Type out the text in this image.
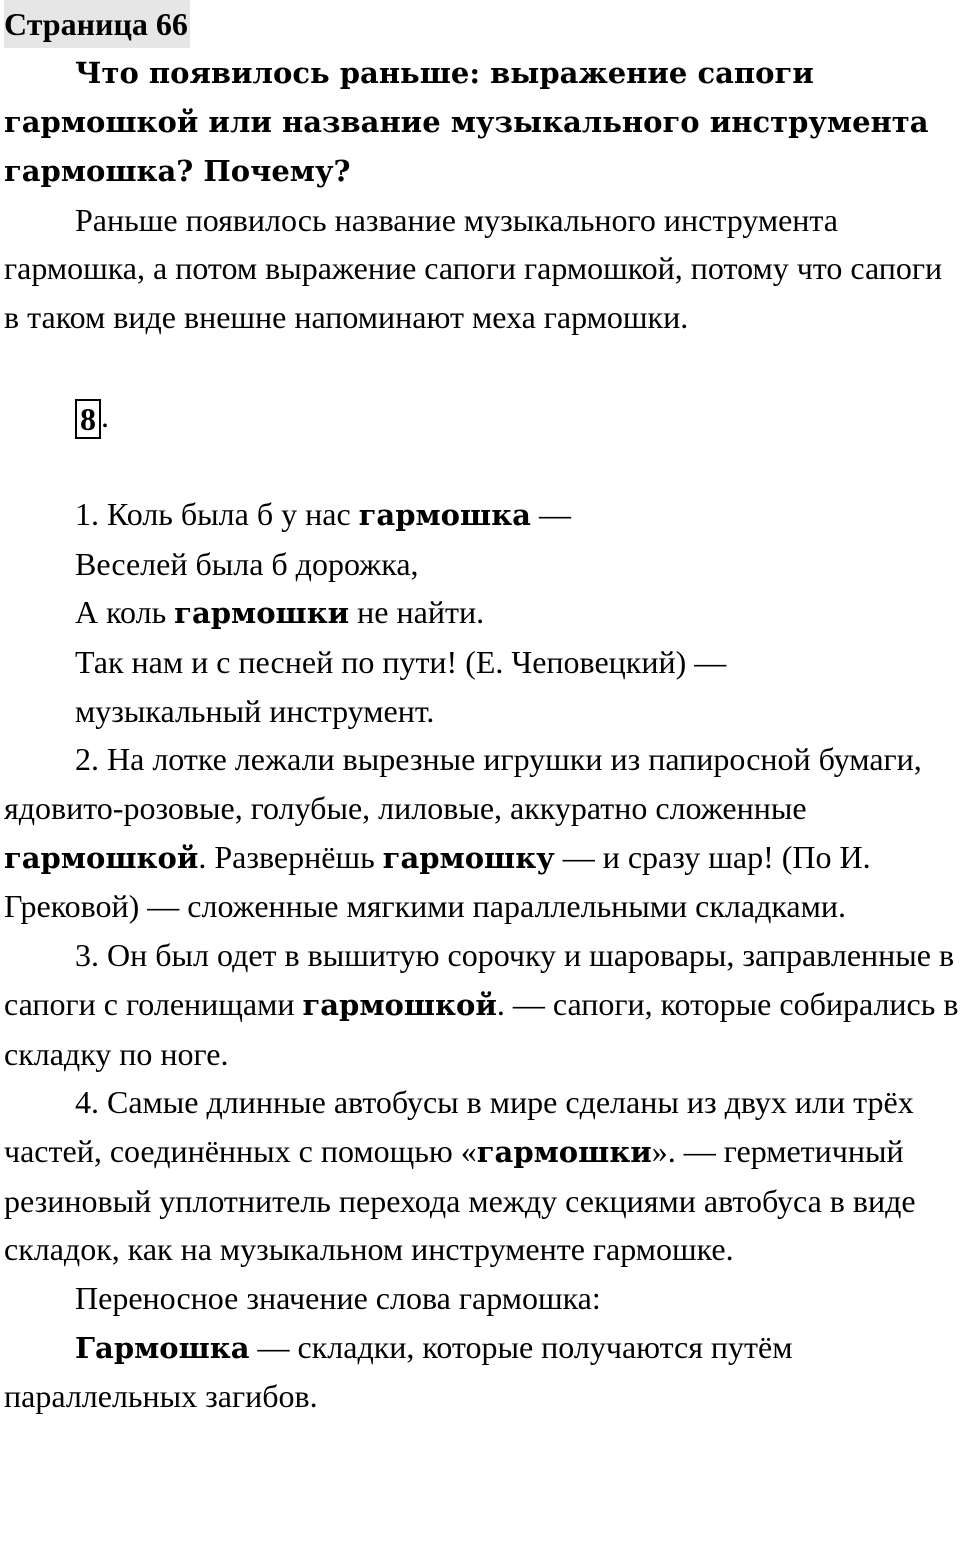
Страница 66

Что появилось раньше: выражение сапоги гармошкой или название музыкального инструмента гармошка? Почему?

Раньше появилось название музыкального инструмента гармошка, а потом выражение сапоги гармошкой, потому что сапоги в таком виде внешне напоминают меха гармошки.

8 .

1. Коль была б у нас гармошка —

Веселей была б дорожка,

А коль гармошки не найти.

Так нам и с песней по пути! (Е. Чеповецкий) —

музыкальный инструмент.

2. На лотке лежали вырезные игрушки из папиросной бумаги, ядовито-розовые, голубые, лиловые, аккуратно сложенные гармошкой. Развернёшь гармошку — и сразу шар! (По И. Грековой) — сложенные мягкими параллельными складками.

3. Он был одет в вышитую сорочку и шаровары, заправленные в сапоги с голенищами гармошкой. — сапоги, которые собирались в складку по ноге.

4. Самые длинные автобусы в мире сделаны из двух или трёх частей, соединённых с помощью «гармошки». — герметичный резиновый уплотнитель перехода между секциями автобуса в виде складок, как на музыкальном инструменте гармошке.

Переносное значение слова гармошка:

Гармошка — складки, которые получаются путём параллельных загибов.
